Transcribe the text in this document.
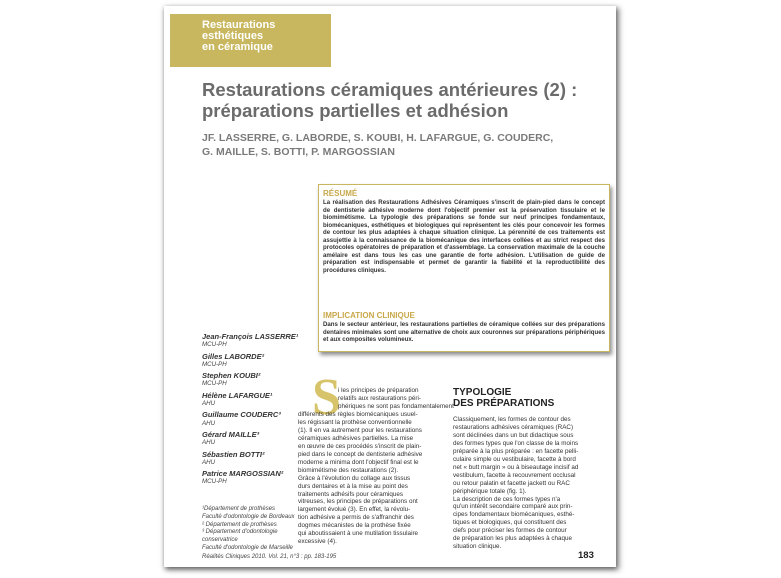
Restaurations
esthétiques
en céramique
Restaurations céramiques antérieures (2) :
préparations partielles et adhésion
JF. LASSERRE, G. LABORDE, S. KOUBI, H. LAFARGUE, G. COUDERC,
G. MAILLE, S. BOTTI, P. MARGOSSIAN
RÉSUMÉ
La réalisation des Restaurations Adhésives Céramiques s'inscrit de plain-pied dans le concept de dentisterie adhésive moderne dont l'objectif premier est la préservation tissulaire et le biomimétisme. La typologie des préparations se fonde sur neuf principes fondamentaux, biomécaniques, esthétiques et biologiques qui représentent les clés pour concevoir les formes de contour les plus adaptées à chaque situation clinique. La pérennité de ces traitements est assujettie à la connaissance de la biomécanique des interfaces collées et au strict respect des protocoles opératoires de préparation et d'assemblage. La conservation maximale de la couche amélaire est dans tous les cas une garantie de forte adhésion. L'utilisation de guide de préparation est indispensable et permet de garantir la fiabilité et la reproductibilité des procédures cliniques.
IMPLICATION CLINIQUE
Dans le secteur antérieur, les restaurations partielles de céramique collées sur des préparations dentaires minimales sont une alternative de choix aux couronnes sur préparations périphériques et aux composites volumineux.
Jean-François LASSERRE¹
MCU-PH
Gilles LABORDE²
MCU-PH
Stephen KOUBI²
MCU-PH
Hélène LAFARGUE¹
AHU
Guillaume COUDERC³
AHU
Gérard MAILLE³
AHU
Sébastien BOTTI²
AHU
Patrice MARGOSSIAN²
MCU-PH
¹Département de prothèses
Faculté d'odontologie de Bordeaux
² Département de prothèses
³ Département d'odontologie
conservatrice
Faculté d'odontologie de Marseille
S
i les principes de préparation
relatifs aux restaurations péri-
phériques ne sont pas fondamentalement
différents des règles biomécaniques usuel-
les régissant la prothèse conventionnelle
(1). Il en va autrement pour les restaurations
céramiques adhésives partielles. La mise
en œuvre de ces procédés s'inscrit de plain-
pied dans le concept de dentisterie adhésive
moderne a minima dont l'objectif final est le
biomimétisme des restaurations (2).
Grâce à l'évolution du collage aux tissus
durs dentaires et à la mise au point des
traitements adhésifs pour céramiques
vitreuses, les principes de préparations ont
largement évolué (3). En effet, la révolu-
tion adhésive a permis de s'affranchir des
dogmes mécanistes de la prothèse fixée
qui aboutissaient à une mutilation tissulaire
excessive (4).
TYPOLOGIE
DES PRÉPARATIONS
Classiquement, les formes de contour des
restaurations adhésives céramiques (RAC)
sont déclinées dans un but didactique sous
des formes types que l'on classe de la moins
préparée à la plus préparée : en facette pelli-
culaire simple ou vestibulaire, facette à bord
net « butt margin » ou à biseautage incisif ad
vestibulum, facette à recouvrement occlusal
ou retour palatin et facette jackett ou RAC
périphérique totale (fig. 1).
La description de ces formes types n'a
qu'un intérêt secondaire comparé aux prin-
cipes fondamentaux biomécaniques, esthé-
tiques et biologiques, qui constituent des
clefs pour préciser les formes de contour
de préparation les plus adaptées à chaque
situation clinique.
Réalités Cliniques 2010. Vol. 21, n°3 : pp. 183-195	183
